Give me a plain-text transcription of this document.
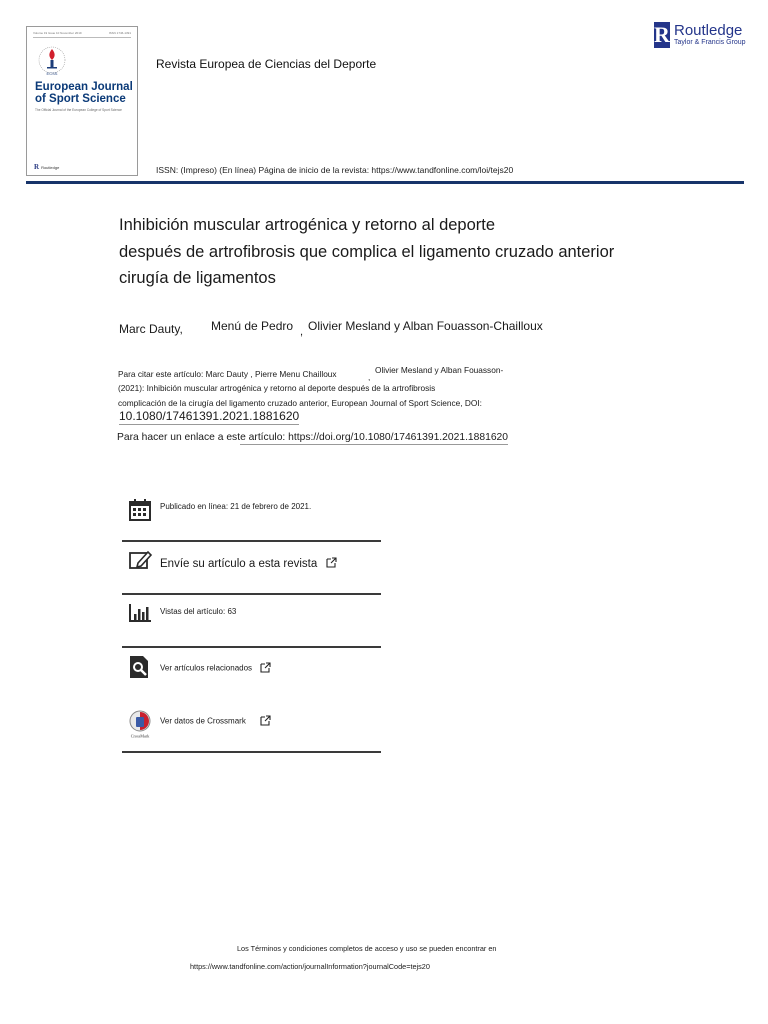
Volume 19 Issue 10 November 2019	ISSN 1746-1391
ECSS
European Journal
of Sport Science
The Official Journal of the European College of Sport Science
R Routledge
Revista Europea de Ciencias del Deporte
ISSN: (Impreso) (En línea) Página de inicio de la revista: https://www.tandfonline.com/loi/tejs20
R Routledge
Taylor & Francis Group
Inhibición muscular artrogénica y retorno al deporte
después de artrofibrosis que complica el ligamento cruzado anterior
cirugía de ligamentos
Marc Dauty, Menú de Pedro , Olivier Mesland y Alban Fouasson-Chailloux
Para citar este artículo: Marc Dauty , Pierre Menu Chailloux	,
Olivier Mesland y Alban Fouasson-
(2021): Inhibición muscular artrogénica y retorno al deporte después de la artrofibrosis
complicación de la cirugía del ligamento cruzado anterior, European Journal of Sport Science, DOI:
10.1080/17461391.2021.1881620
Para hacer un enlace a este artículo: https://doi.org/10.1080/17461391.2021.1881620
Publicado en línea: 21 de febrero de 2021.
Envíe su artículo a esta revista
Vistas del artículo: 63
Ver artículos relacionados
CrossMark
Ver datos de Crossmark
Los Términos y condiciones completos de acceso y uso se pueden encontrar en
https://www.tandfonline.com/action/journalInformation?journalCode=tejs20
